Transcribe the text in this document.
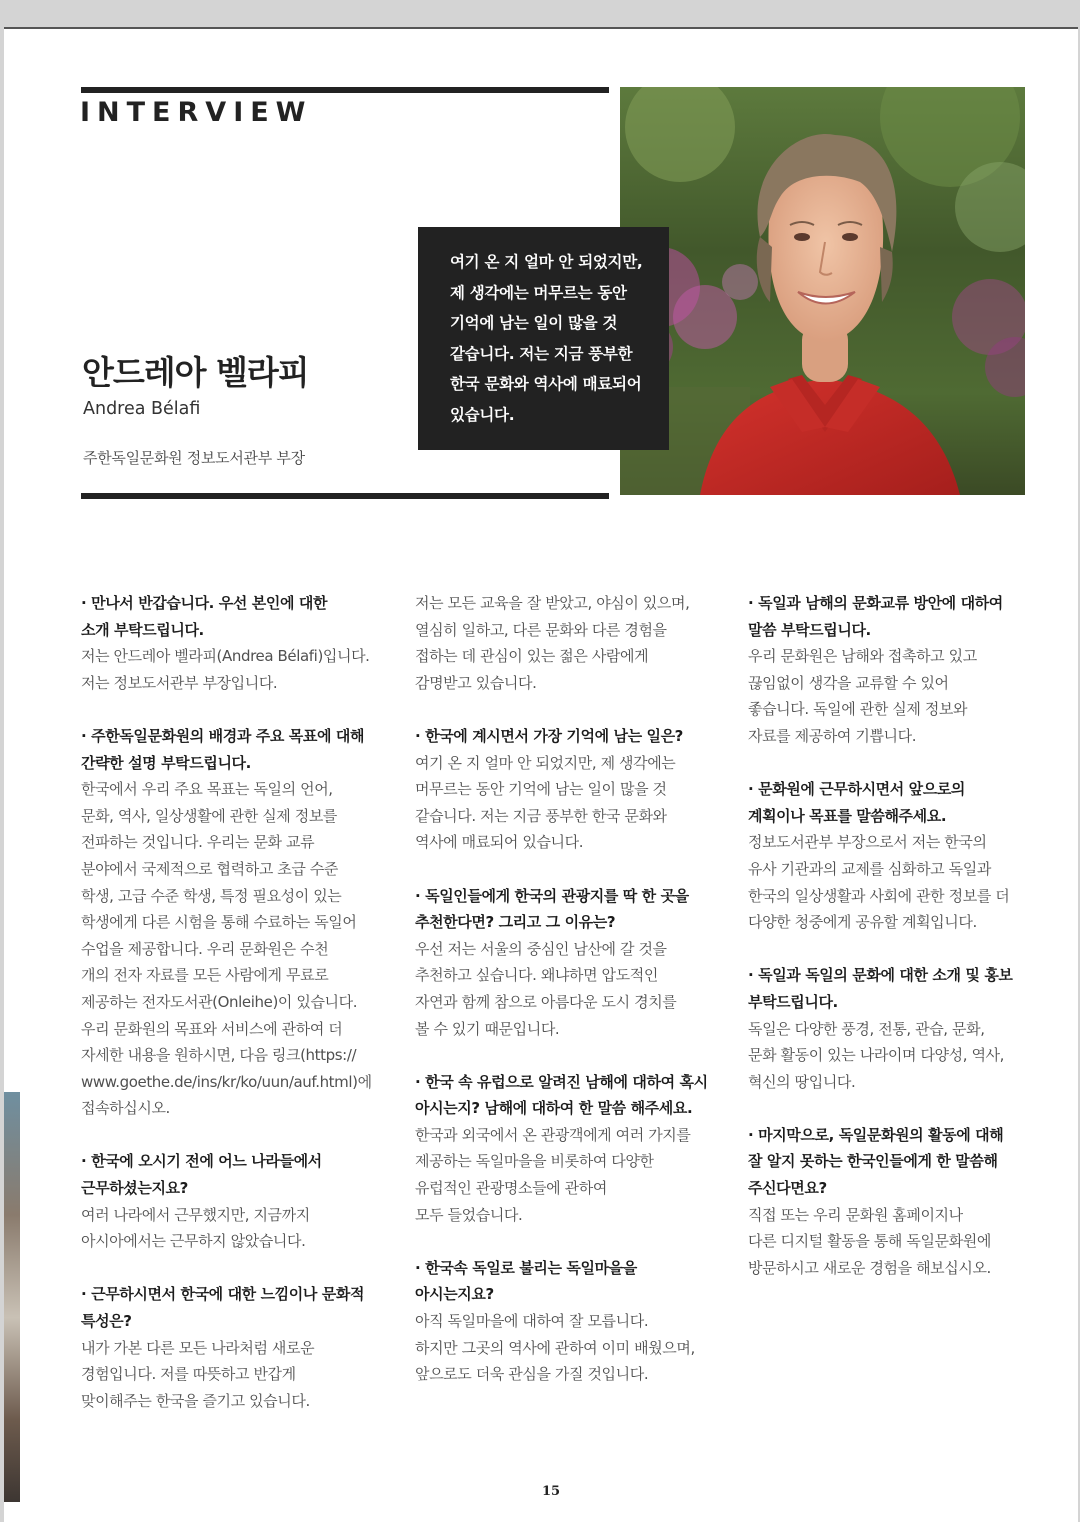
INTERVIEW
여기 온 지 얼마 안 되었지만,
제 생각에는 머무르는 동안
기억에 남는 일이 많을 것
같습니다. 저는 지금 풍부한
한국 문화와 역사에 매료되어
있습니다.
안드레아 벨라피
Andrea Bélafi
주한독일문화원 정보도서관부 부장
· 만나서 반갑습니다. 우선 본인에 대한
소개 부탁드립니다.
저는 안드레아 벨라피(Andrea Bélafi)입니다.
저는 정보도서관부 부장입니다.
· 주한독일문화원의 배경과 주요 목표에 대해
간략한 설명 부탁드립니다.
한국에서 우리 주요 목표는 독일의 언어,
문화, 역사, 일상생활에 관한 실제 정보를
전파하는 것입니다. 우리는 문화 교류
분야에서 국제적으로 협력하고 초급 수준
학생, 고급 수준 학생, 특정 필요성이 있는
학생에게 다른 시험을 통해 수료하는 독일어
수업을 제공합니다. 우리 문화원은 수천
개의 전자 자료를 모든 사람에게 무료로
제공하는 전자도서관(Onleihe)이 있습니다.
우리 문화원의 목표와 서비스에 관하여 더
자세한 내용을 원하시면, 다음 링크(https://
www.goethe.de/ins/kr/ko/uun/auf.html)에
접속하십시오.
· 한국에 오시기 전에 어느 나라들에서
근무하셨는지요?
여러 나라에서 근무했지만, 지금까지
아시아에서는 근무하지 않았습니다.
· 근무하시면서 한국에 대한 느낌이나 문화적
특성은?
내가 가본 다른 모든 나라처럼 새로운
경험입니다. 저를 따뜻하고 반갑게
맞이해주는 한국을 즐기고 있습니다.
저는 모든 교육을 잘 받았고, 야심이 있으며,
열심히 일하고, 다른 문화와 다른 경험을
접하는 데 관심이 있는 젊은 사람에게
감명받고 있습니다.
· 한국에 계시면서 가장 기억에 남는 일은?
여기 온 지 얼마 안 되었지만, 제 생각에는
머무르는 동안 기억에 남는 일이 많을 것
같습니다. 저는 지금 풍부한 한국 문화와
역사에 매료되어 있습니다.
· 독일인들에게 한국의 관광지를 딱 한 곳을
추천한다면? 그리고 그 이유는?
우선 저는 서울의 중심인 남산에 갈 것을
추천하고 싶습니다. 왜냐하면 압도적인
자연과 함께 참으로 아름다운 도시 경치를
볼 수 있기 때문입니다.
· 한국 속 유럽으로 알려진 남해에 대하여 혹시
아시는지? 남해에 대하여 한 말씀 해주세요.
한국과 외국에서 온 관광객에게 여러 가지를
제공하는 독일마을을 비롯하여 다양한
유럽적인 관광명소들에 관하여
모두 들었습니다.
· 한국속 독일로 불리는 독일마을을
아시는지요?
아직 독일마을에 대하여 잘 모릅니다.
하지만 그곳의 역사에 관하여 이미 배웠으며,
앞으로도 더욱 관심을 가질 것입니다.
· 독일과 남해의 문화교류 방안에 대하여
말씀 부탁드립니다.
우리 문화원은 남해와 접촉하고 있고
끊임없이 생각을 교류할 수 있어
좋습니다. 독일에 관한 실제 정보와
자료를 제공하여 기쁩니다.
· 문화원에 근무하시면서 앞으로의
계획이나 목표를 말씀해주세요.
정보도서관부 부장으로서 저는 한국의
유사 기관과의 교제를 심화하고 독일과
한국의 일상생활과 사회에 관한 정보를 더
다양한 청중에게 공유할 계획입니다.
· 독일과 독일의 문화에 대한 소개 및 홍보
부탁드립니다.
독일은 다양한 풍경, 전통, 관습, 문화,
문화 활동이 있는 나라이며 다양성, 역사,
혁신의 땅입니다.
· 마지막으로, 독일문화원의 활동에 대해
잘 알지 못하는 한국인들에게 한 말씀해
주신다면요?
직접 또는 우리 문화원 홈페이지나
다른 디지털 활동을 통해 독일문화원에
방문하시고 새로운 경험을 해보십시오.
15
